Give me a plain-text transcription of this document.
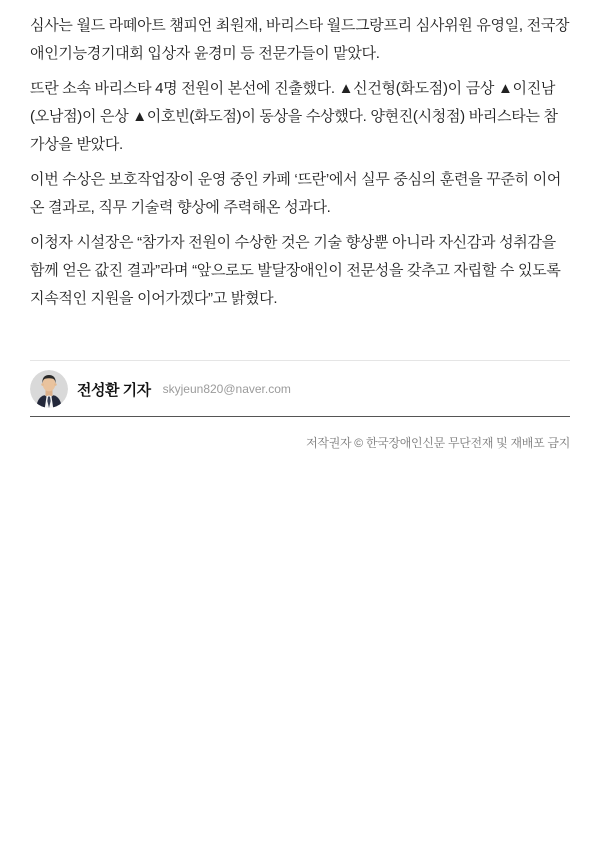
심사는 월드 라떼아트 챔피언 최원재, 바리스타 월드그랑프리 심사위원 유영일, 전국장애인기능경기대회 입상자 윤경미 등 전문가들이 맡았다.

뜨란 소속 바리스타 4명 전원이 본선에 진출했다. ▲신건형(화도점)이 금상 ▲이진남(오남점)이 은상 ▲이호빈(화도점)이 동상을 수상했다. 양현진(시청점) 바리스타는 참가상을 받았다.

이번 수상은 보호작업장이 운영 중인 카페 ‘뜨란’에서 실무 중심의 훈련을 꾸준히 이어온 결과로, 직무 기술력 향상에 주력해온 성과다.

이청자 시설장은 “참가자 전원이 수상한 것은 기술 향상뿐 아니라 자신감과 성취감을 함께 얻은 값진 결과”라며 “앞으로도 발달장애인이 전문성을 갖추고 자립할 수 있도록 지속적인 지원을 이어가겠다”고 밝혔다.

전성환 기자 skyjeun820@naver.com
저작권자 © 한국장애인신문 무단전재 및 재배포 금지
